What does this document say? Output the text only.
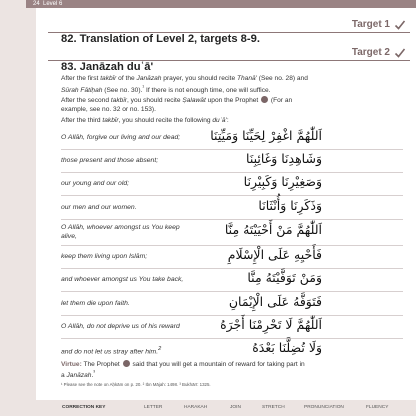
24 Level 6
Target 1
82. Translation of Level 2, targets 8-9.
Target 2
83. Janāzah duʿā'
After the first takbīr of the Janāzah prayer, you should recite Thanā' (See no. 28) and
Sūrah Fātiḥah (See no. 30).$^{^1}$ If there is not enough time, one will suffice.
After the second takbīr, you should recite Ṣalawāt upon the Prophet  (For an
example, see no. 32 or no. 153).
After the third takbīr, you should recite the following duʿā':
O Allāh, forgive our living and our dead; اَللّٰهُمَّ اغْفِرْ لِحَيِّنَا وَمَيِّتِنَا
those present and those absent;	وَشَاهِدِنَا وَغَائِبِنَا
our young and our old;	وَصَغِيْرِنَا وَكَبِيْرِنَا
our men and our women.	وَذَكَرِنَا وَأُنْثَانَا
O Allāh, whoever amongst us You keep
alive,	اَللّٰهُمَّ مَنْ أَحْيَيْتَهُ مِنَّا
keep them living upon Islām;	فَأَحْيِهِ عَلَى الْإِسْلَامِ
and whoever amongst us You take back,	وَمَنْ تَوَفَّيْتَهُ مِنَّا
let them die upon faith.	فَتَوَفَّهُ عَلَى الْإِيْمَانِ
O Allāh, do not deprive us of his reward	اَللّٰهُمَّ لَا تَحْرِمْنَا أَجْرَهُ
and do not let us stray after him.$^2$	وَلَا تُضِلَّنَا بَعْدَهُ
Virtue: The Prophet  said that you will get a mountain of reward for taking part in
a Janāzah.$^{^3}$
¹ Please see the note on Aḥkām on p. 20. ² Ibn Mājah: 1498. ³ Bukhārī: 1325.
CORRECTION KEY	LETTER	HARAKAH	JOIN	STRETCH	PRONUNCIATION	FLUENCY
